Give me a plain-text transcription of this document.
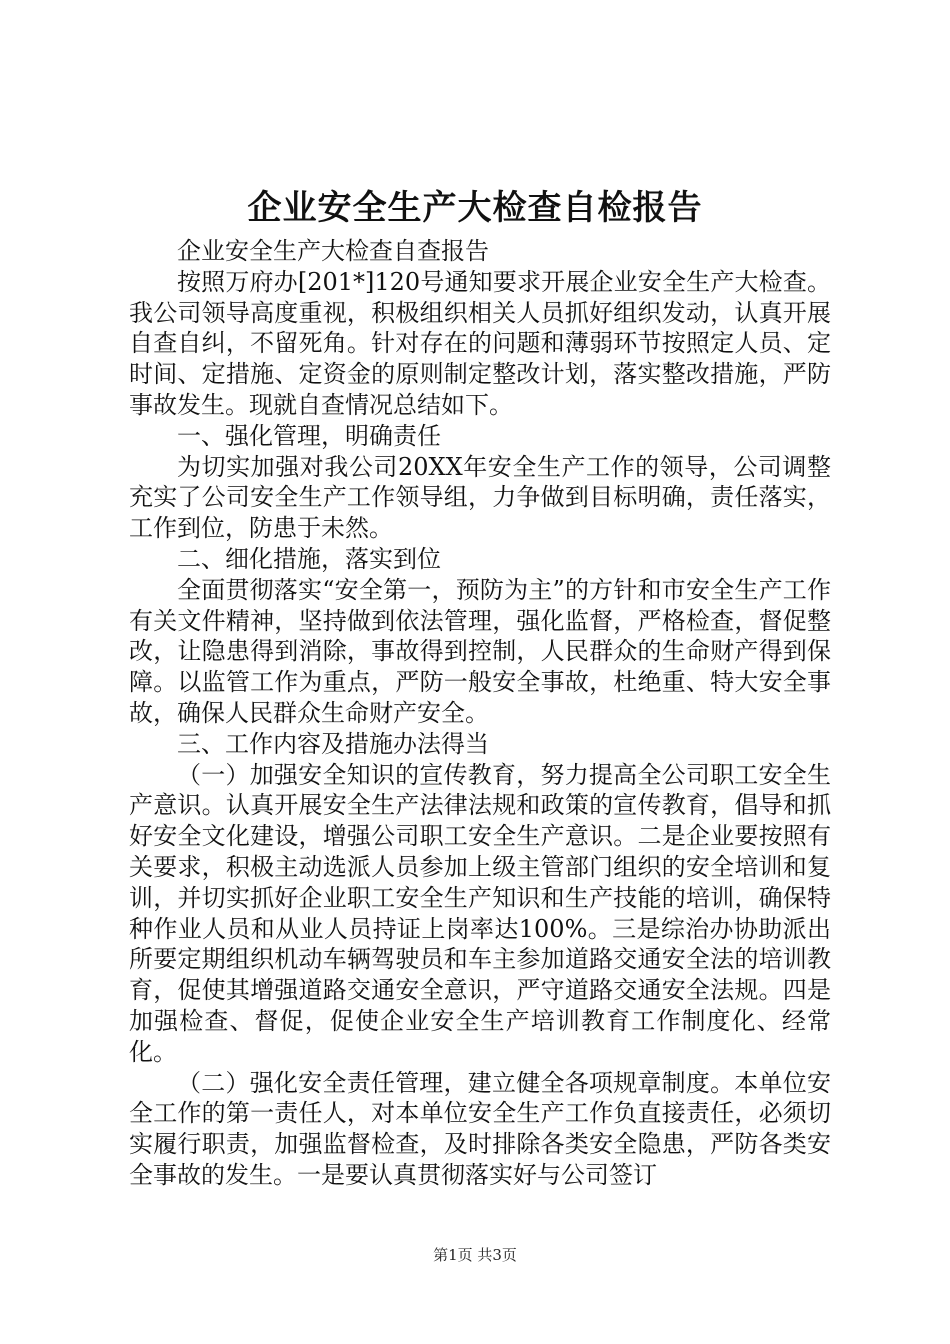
企业安全生产大检查自检报告

企业安全生产大检查自查报告

按照万府办[201*]120号通知要求开展企业安全生产大检查。我公司领导高度重视，积极组织相关人员抓好组织发动，认真开展自查自纠，不留死角。针对存在的问题和薄弱环节按照定人员、定时间、定措施、定资金的原则制定整改计划，落实整改措施，严防事故发生。现就自查情况总结如下。

一、强化管理，明确责任

为切实加强对我公司20XX年安全生产工作的领导，公司调整充实了公司安全生产工作领导组，力争做到目标明确，责任落实，工作到位，防患于未然。

二、细化措施，落实到位

全面贯彻落实“安全第一，预防为主”的方针和市安全生产工作有关文件精神，坚持做到依法管理，强化监督，严格检查，督促整改，让隐患得到消除，事故得到控制，人民群众的生命财产得到保障。以监管工作为重点，严防一般安全事故，杜绝重、特大安全事故，确保人民群众生命财产安全。

三、工作内容及措施办法得当

（一）加强安全知识的宣传教育，努力提高全公司职工安全生产意识。认真开展安全生产法律法规和政策的宣传教育，倡导和抓好安全文化建设，增强公司职工安全生产意识。二是企业要按照有关要求，积极主动选派人员参加上级主管部门组织的安全培训和复训，并切实抓好企业职工安全生产知识和生产技能的培训，确保特种作业人员和从业人员持证上岗率达100%。三是综治办协助派出所要定期组织机动车辆驾驶员和车主参加道路交通安全法的培训教育，促使其增强道路交通安全意识，严守道路交通安全法规。四是加强检查、督促，促使企业安全生产培训教育工作制度化、经常化。

（二）强化安全责任管理，建立健全各项规章制度。本单位安全工作的第一责任人，对本单位安全生产工作负直接责任，必须切实履行职责，加强监督检查，及时排除各类安全隐患，严防各类安全事故的发生。一是要认真贯彻落实好与公司签订

第1页 共3页
